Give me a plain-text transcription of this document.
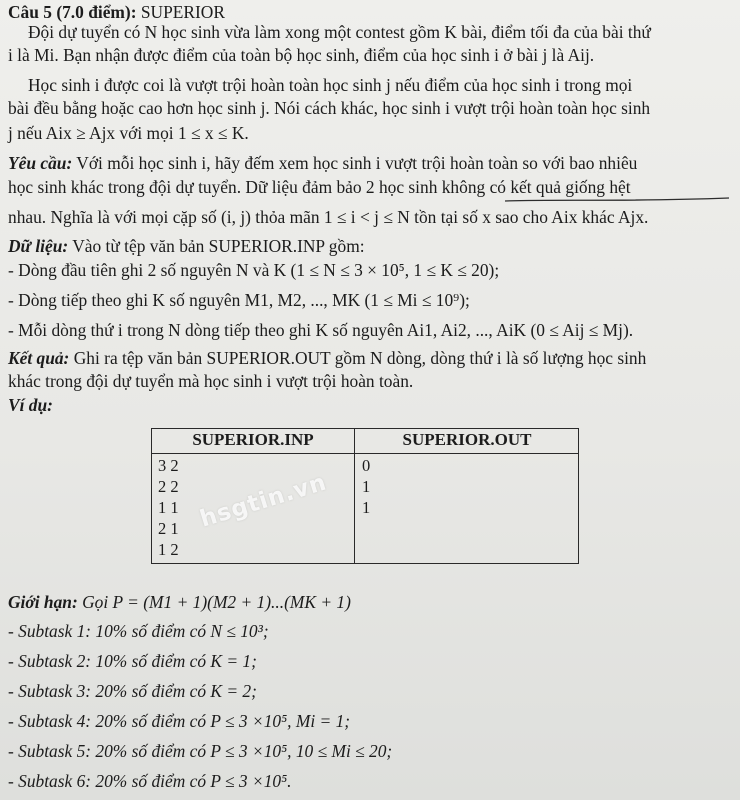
Câu 5 (7.0 điểm): SUPERIOR
Đội dự tuyển có N học sinh vừa làm xong một contest gồm K bài, điểm tối đa của bài thứ
i là Mi. Bạn nhận được điểm của toàn bộ học sinh, điểm của học sinh i ở bài j là Aij.
Học sinh i được coi là vượt trội hoàn toàn học sinh j nếu điểm của học sinh i trong mọi
bài đều bằng hoặc cao hơn học sinh j. Nói cách khác, học sinh i vượt trội hoàn toàn học sinh
j nếu Aix ≥ Ajx với mọi 1 ≤ x ≤ K.
Yêu cầu: Với mỗi học sinh i, hãy đếm xem học sinh i vượt trội hoàn toàn so với bao nhiêu
học sinh khác trong đội dự tuyển. Dữ liệu đảm bảo 2 học sinh không có kết quả giống hệt
nhau. Nghĩa là với mọi cặp số (i, j) thỏa mãn 1 ≤ i < j ≤ N tồn tại số x sao cho Aix khác Ajx.
Dữ liệu: Vào từ tệp văn bản SUPERIOR.INP gồm:
- Dòng đầu tiên ghi 2 số nguyên N và K (1 ≤ N ≤ 3 × 10⁵, 1 ≤ K ≤ 20);
- Dòng tiếp theo ghi K số nguyên M1, M2, ..., MK (1 ≤ Mi ≤ 10⁹);
- Mỗi dòng thứ i trong N dòng tiếp theo ghi K số nguyên Ai1, Ai2, ..., AiK (0 ≤ Aij ≤ Mj).
Kết quả: Ghi ra tệp văn bản SUPERIOR.OUT gồm N dòng, dòng thứ i là số lượng học sinh
khác trong đội dự tuyển mà học sinh i vượt trội hoàn toàn.
Ví dụ:
SUPERIOR.INP	SUPERIOR.OUT
3 2
2 2
1 1
2 1
1 2
0
1
1
hsgtin.vn
Giới hạn: Gọi P = (M1 + 1)(M2 + 1)...(MK + 1)
- Subtask 1: 10% số điểm có N ≤ 10³;
- Subtask 2: 10% số điểm có K = 1;
- Subtask 3: 20% số điểm có K = 2;
- Subtask 4: 20% số điểm có P ≤ 3 ×10⁵, Mi = 1;
- Subtask 5: 20% số điểm có P ≤ 3 ×10⁵, 10 ≤ Mi ≤ 20;
- Subtask 6: 20% số điểm có P ≤ 3 ×10⁵.
